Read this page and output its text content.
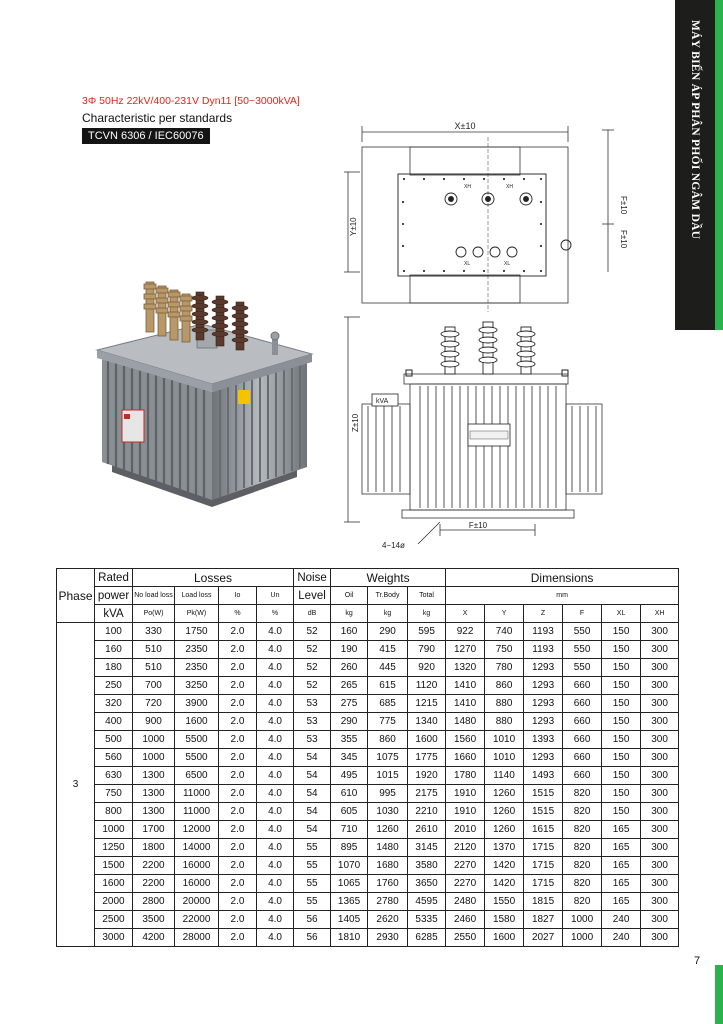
MÁY BIẾN ÁP PHÂN PHỐI NGÂM DẦU
7
3Φ 50Hz 22kV/400-231V Dyn11 [50~3000kVA]
Characteristic per standards
TCVN 6306 / IEC60076
X±10
Y±10
F±10
F±10
XH	XH
XL	XL
kVA
Z±10
F±10
4−14ø
Phase	Rated	Losses				Noise	Weights			Dimensions					
	power	No load loss	Load loss	Io	Un	Level	Oil	Tr.Body	Total	mm					
	kVA	Po(W)	Pk(W)	%	%	dB	kg	kg	kg	X	Y	Z	F	XL	XH
3	100	330	1750	2.0	4.0	52	160	290	595	922	740	1193	550	150	300
	160	510	2350	2.0	4.0	52	190	415	790	1270	750	1193	550	150	300
	180	510	2350	2.0	4.0	52	260	445	920	1320	780	1293	550	150	300
	250	700	3250	2.0	4.0	52	265	615	1120	1410	860	1293	660	150	300
	320	720	3900	2.0	4.0	53	275	685	1215	1410	880	1293	660	150	300
	400	900	1600	2.0	4.0	53	290	775	1340	1480	880	1293	660	150	300
	500	1000	5500	2.0	4.0	53	355	860	1600	1560	1010	1393	660	150	300
	560	1000	5500	2.0	4.0	54	345	1075	1775	1660	1010	1293	660	150	300
	630	1300	6500	2.0	4.0	54	495	1015	1920	1780	1140	1493	660	150	300
	750	1300	11000	2.0	4.0	54	610	995	2175	1910	1260	1515	820	150	300
	800	1300	11000	2.0	4.0	54	605	1030	2210	1910	1260	1515	820	150	300
	1000	1700	12000	2.0	4.0	54	710	1260	2610	2010	1260	1615	820	165	300
	1250	1800	14000	2.0	4.0	55	895	1480	3145	2120	1370	1715	820	165	300
	1500	2200	16000	2.0	4.0	55	1070	1680	3580	2270	1420	1715	820	165	300
	1600	2200	16000	2.0	4.0	55	1065	1760	3650	2270	1420	1715	820	165	300
	2000	2800	20000	2.0	4.0	55	1365	2780	4595	2480	1550	1815	820	165	300
	2500	3500	22000	2.0	4.0	56	1405	2620	5335	2460	1580	1827	1000	240	300
	3000	4200	28000	2.0	4.0	56	1810	2930	6285	2550	1600	2027	1000	240	300
